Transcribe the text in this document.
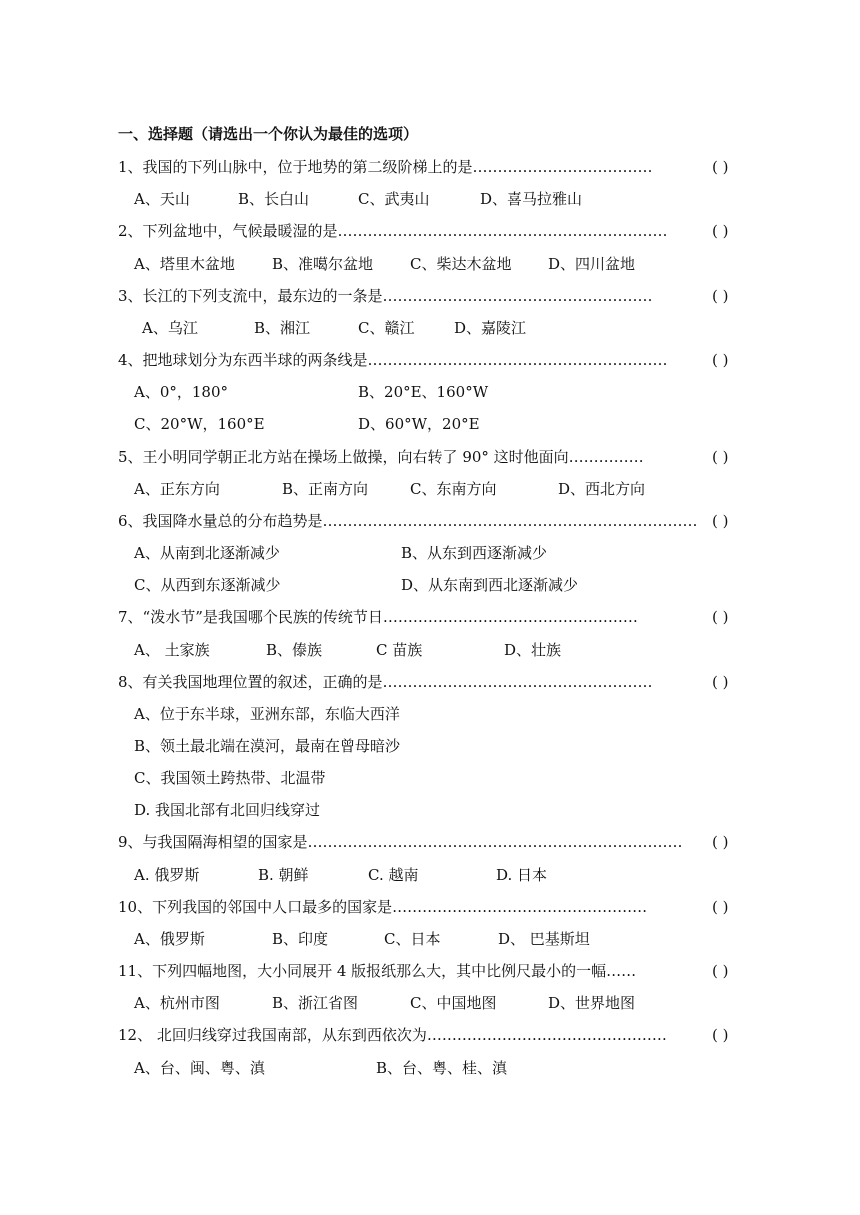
一、选择题（请选出一个你认为最佳的选项）
1、我国的下列山脉中，位于地势的第二级阶梯上的是………………………………	( )
A、天山	B、长白山	C、武夷山	D、喜马拉雅山
2、下列盆地中，气候最暖湿的是…………………………………………………………	( )
A、塔里木盆地 B、准噶尔盆地 C、柴达木盆地 D、四川盆地
3、长江的下列支流中，最东边的一条是………………………………………………	( )
A、乌江	B、湘江	C、赣江	D、嘉陵江
4、把地球划分为东西半球的两条线是……………………………………………………	( )
A、0°，180°	B、20°E、160°W
C、20°W，160°E	D、60°W，20°E
5、王小明同学朝正北方站在操场上做操，向右转了 90° 这时他面向……………	( )
A、正东方向	B、正南方向	C、东南方向	D、西北方向
6、我国降水量总的分布趋势是………………………………………………………………… ( )
A、从南到北逐渐减少	B、从东到西逐渐减少
C、从西到东逐渐减少	D、从东南到西北逐渐减少
7、“泼水节”是我国哪个民族的传统节日……………………………………………	( )
A、 土家族	B、傣族	C 苗族	D、壮族
8、有关我国地理位置的叙述，正确的是………………………………………………	( )
A、位于东半球，亚洲东部，东临大西洋
B、领土最北端在漠河，最南在曾母暗沙
C、我国领土跨热带、北温带
D. 我国北部有北回归线穿过
9、与我国隔海相望的国家是………………………………………………………………… ( )
A. 俄罗斯	B. 朝鲜	C. 越南	D. 日本
10、下列我国的邻国中人口最多的国家是……………………………………………	( )
A、俄罗斯	B、印度	C、日本	D、 巴基斯坦
11、下列四幅地图，大小同展开 4 版报纸那么大，其中比例尺最小的一幅……	( )
A、杭州市图	B、浙江省图	C、中国地图	D、世界地图
12、 北回归线穿过我国南部，从东到西依次为…………………………………………	( )
A、台、闽、粤、滇	B、台、粤、桂、滇
